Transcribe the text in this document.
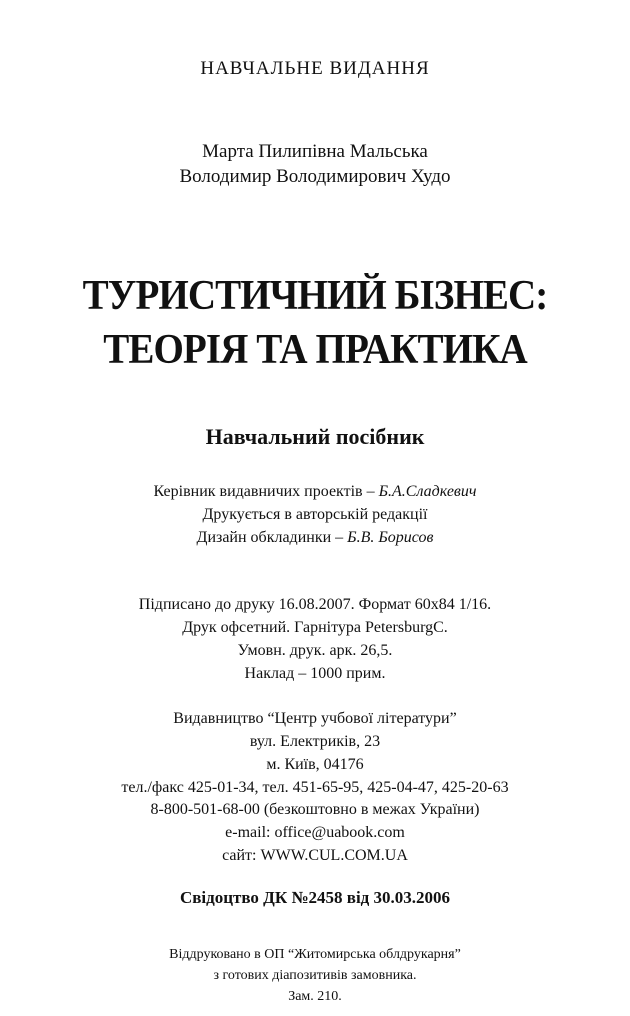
НАВЧАЛЬНЕ ВИДАННЯ
Марта Пилипівна Мальська
Володимир Володимирович Худо
ТУРИСТИЧНИЙ БІЗНЕС:
ТЕОРІЯ ТА ПРАКТИКА
Навчальний посібник
Керівник видавничих проектів – Б.А.Сладкевич
Друкується в авторській редакції
Дизайн обкладинки – Б.В. Борисов
Підписано до друку 16.08.2007. Формат 60х84 1/16.
Друк офсетний. Гарнітура PetersburgC.
Умовн. друк. арк. 26,5.
Наклад – 1000 прим.
Видавництво “Центр учбової літератури”
вул. Електриків, 23
м. Київ, 04176
тел./факс 425-01-34, тел. 451-65-95, 425-04-47, 425-20-63
8-800-501-68-00 (безкоштовно в межах України)
e-mail: office@uabook.com
сайт: WWW.CUL.COM.UA
Свідоцтво ДК №2458 від 30.03.2006
Віддруковано в ОП “Житомирська облдрукарня”
з готових діапозитивів замовника.
Зам. 210.
